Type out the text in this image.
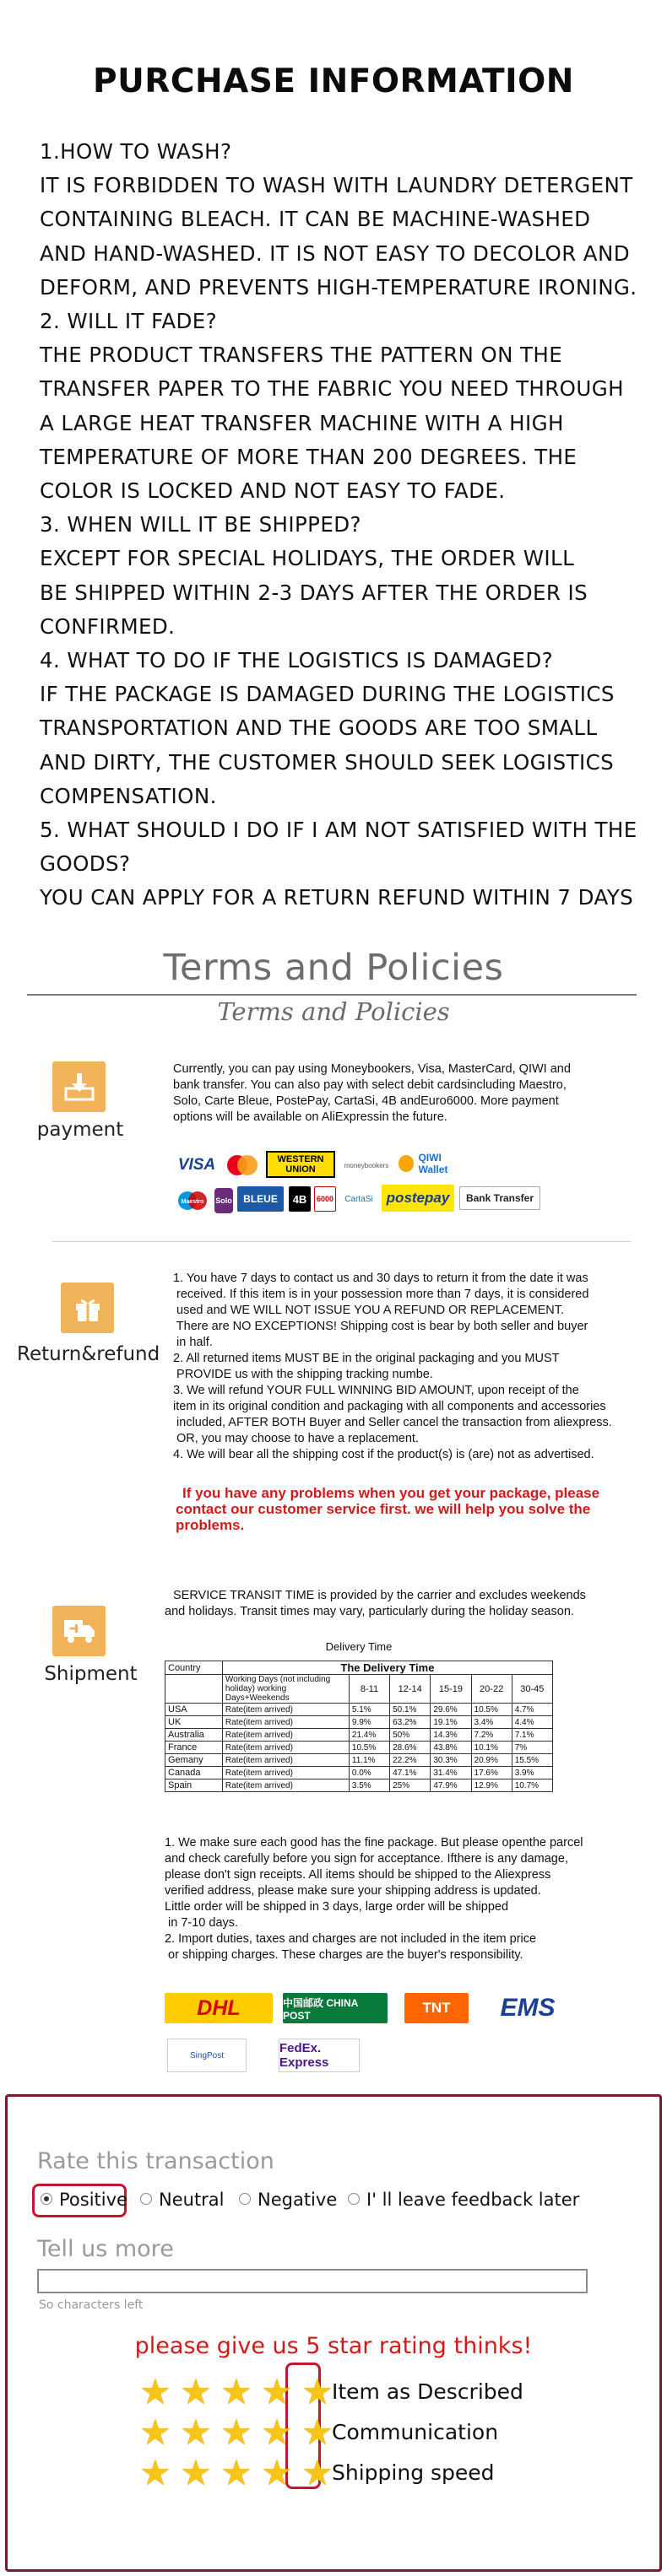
PURCHASE INFORMATION
1.HOW TO WASH?
IT IS FORBIDDEN TO WASH WITH LAUNDRY DETERGENT
CONTAINING BLEACH. IT CAN BE MACHINE-WASHED
AND HAND-WASHED. IT IS NOT EASY TO DECOLOR AND
DEFORM, AND PREVENTS HIGH-TEMPERATURE IRONING.
2. WILL IT FADE?
THE PRODUCT TRANSFERS THE PATTERN ON THE
TRANSFER PAPER TO THE FABRIC YOU NEED THROUGH
A LARGE HEAT TRANSFER MACHINE WITH A HIGH
TEMPERATURE OF MORE THAN 200 DEGREES. THE
COLOR IS LOCKED AND NOT EASY TO FADE.
3. WHEN WILL IT BE SHIPPED?
EXCEPT FOR SPECIAL HOLIDAYS, THE ORDER WILL
BE SHIPPED WITHIN 2-3 DAYS AFTER THE ORDER IS
CONFIRMED.
4. WHAT TO DO IF THE LOGISTICS IS DAMAGED?
IF THE PACKAGE IS DAMAGED DURING THE LOGISTICS
TRANSPORTATION AND THE GOODS ARE TOO SMALL
AND DIRTY, THE CUSTOMER SHOULD SEEK LOGISTICS
COMPENSATION.
5. WHAT SHOULD I DO IF I AM NOT SATISFIED WITH THE
GOODS?
YOU CAN APPLY FOR A RETURN REFUND WITHIN 7 DAYS
Terms and Policies
Terms and Policies
payment
Currently, you can pay using Moneybookers, Visa, MasterCard, QIWI and
bank transfer. You can also pay with select debit cardsincluding Maestro,
Solo, Carte Bleue, PostePay, CartaSi, 4B andEuro6000. More payment
options will be available on AliExpressin the future.
VISA	WESTERN UNION	moneybookers
QIWI Wallet
Maestro Solo	BLEUE	4B	6000	CartaSi postepay	Bank Transfer
Return&refund
1. You have 7 days to contact us and 30 days to return it from the date it was
received. If this item is in your possession more than 7 days, it is considered
used and WE WILL NOT ISSUE YOU A REFUND OR REPLACEMENT.
There are NO EXCEPTIONS! Shipping cost is bear by both seller and buyer
in half.
2. All returned items MUST BE in the original packaging and you MUST
PROVIDE us with the shipping tracking numbe.
3. We will refund YOUR FULL WINNING BID AMOUNT, upon receipt of the
item in its original condition and packaging with all components and accessories
included, AFTER BOTH Buyer and Seller cancel the transaction from aliexpress.
OR, you may choose to have a replacement.
4. We will bear all the shipping cost if the product(s) is (are) not as advertised.
If you have any problems when you get your package, please
contact our customer service first. we will help you solve the
problems.
Shipment
SERVICE TRANSIT TIME is provided by the carrier and excludes weekends
and holidays. Transit times may vary, particularly during the holiday season.
Delivery Time
Country	The Delivery Time					
	Working Days (not including holiday) working Days+Weekends	8-11	12-14	15-19	20-22	30-45
USA	Rate(item arrived)	5.1%	50.1%	29.6%	10.5%	4.7%
UK	Rate(item arrived)	9.9%	63.2%	19.1%	3.4%	4.4%
Australia	Rate(item arrived)	21.4%	50%	14.3%	7.2%	7.1%
France	Rate(item arrived)	10.5%	28.6%	43.8%	10.1%	7%
Gemany	Rate(item arrived)	11.1%	22.2%	30.3%	20.9%	15.5%
Canada	Rate(item arrived)	0.0%	47.1%	31.4%	17.6%	3.9%
Spain	Rate(item arrived)	3.5%	25%	47.9%	12.9%	10.7%
1. We make sure each good has the fine package. But please openthe parcel
and check carefully before you sign for acceptance. Ifthere is any damage,
please don't sign receipts. All items should be shipped to the Aliexpress
verified address, please make sure your shipping address is updated.
Little order will be shipped in 3 days, large order will be shipped
in 7-10 days.
2. Import duties, taxes and charges are not included in the item price
or shipping charges. These charges are the buyer's responsibility.
DHL	中国邮政 CHINA POST	TNT	EMS
SingPost	FedEx. Express
Rate this transaction
Positive	Neutral	Negative	I' ll leave feedback later
Tell us more
So characters left
please give us 5 star rating thinks!
★ ★ ★ ★ ★
Item as Described
★ ★ ★ ★ ★
Communication
★ ★ ★ ★ ★
Shipping speed
